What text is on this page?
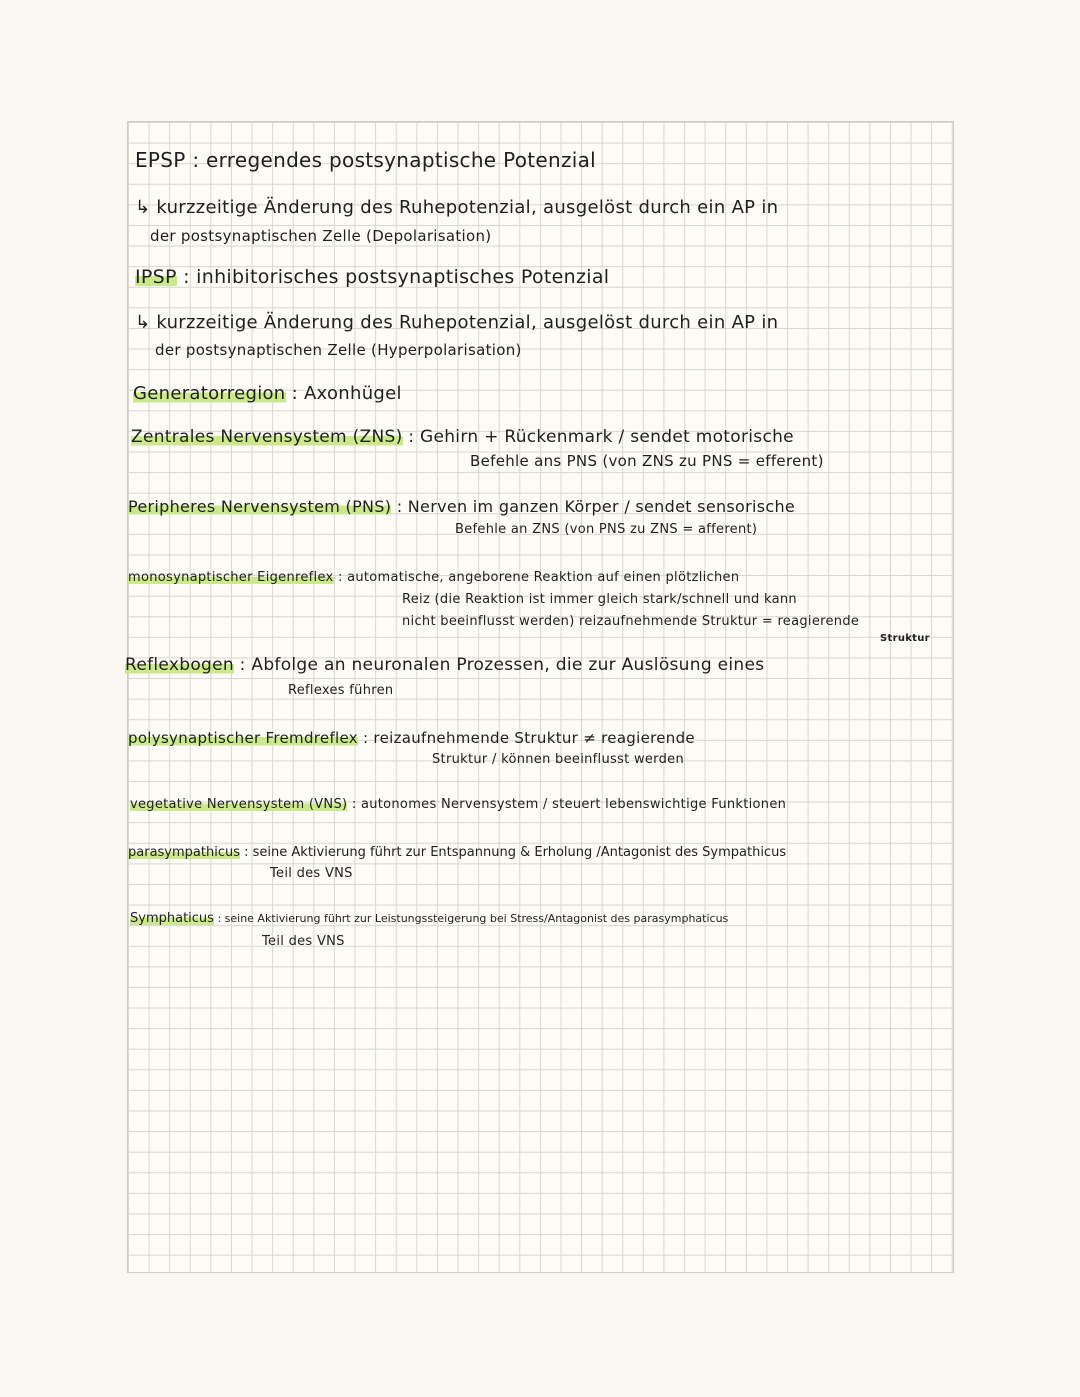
EPSP : erregendes postsynaptische Potenzial
↳ kurzzeitige Änderung des Ruhepotenzial, ausgelöst durch ein AP in
der postsynaptischen Zelle (Depolarisation)
IPSP : inhibitorisches postsynaptisches Potenzial
↳ kurzzeitige Änderung des Ruhepotenzial, ausgelöst durch ein AP in
der postsynaptischen Zelle (Hyperpolarisation)
Generatorregion : Axonhügel
Zentrales Nervensystem (ZNS) : Gehirn + Rückenmark / sendet motorische
Befehle ans PNS (von ZNS zu PNS = efferent)
Peripheres Nervensystem (PNS) : Nerven im ganzen Körper / sendet sensorische
Befehle an ZNS (von PNS zu ZNS = afferent)
monosynaptischer Eigenreflex : automatische, angeborene Reaktion auf einen plötzlichen
Reiz (die Reaktion ist immer gleich stark/schnell und kann
nicht beeinflusst werden) reizaufnehmende Struktur = reagierende
Struktur
Reflexbogen : Abfolge an neuronalen Prozessen, die zur Auslösung eines
Reflexes führen
polysynaptischer Fremdreflex : reizaufnehmende Struktur ≠ reagierende
Struktur / können beeinflusst werden
vegetative Nervensystem (VNS) : autonomes Nervensystem / steuert lebenswichtige Funktionen
parasympathicus : seine Aktivierung führt zur Entspannung & Erholung /Antagonist des Sympathicus
Teil des VNS
Symphaticus : seine Aktivierung führt zur Leistungssteigerung bei Stress/Antagonist des parasymphaticus
Teil des VNS
